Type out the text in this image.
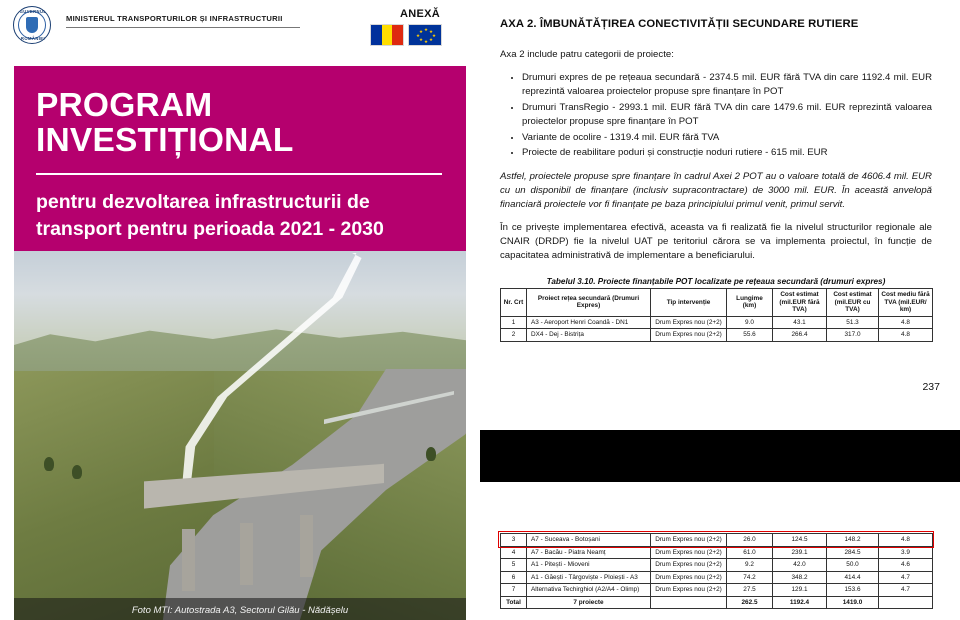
GUVERNUL
ROMÂNIEI
MINISTERUL TRANSPORTURILOR ȘI INFRASTRUCTURII	ANEXĂ
★ ★
★
★
★
★
★
★
PROGRAM INVESTIȚIONAL
pentru dezvoltarea infrastructurii de transport pentru perioada 2021 - 2030
Foto MTI: Autostrada A3, Sectorul Gilău - Nădășelu
AXA 2. ÎMBUNĂTĂȚIREA CONECTIVITĂȚII SECUNDARE RUTIERE

Axa 2 include patru categorii de proiecte:

• Drumuri expres de pe rețeaua secundară - 2374.5 mil. EUR fără TVA din care 1192.4 mil. EUR reprezintă valoarea proiectelor propuse spre finanțare în POT
• Drumuri TransRegio - 2993.1 mil. EUR fără TVA din care 1479.6 mil. EUR reprezintă valoarea proiectelor propuse spre finanțare în POT
• Variante de ocolire - 1319.4 mil. EUR fără TVA
• Proiecte de reabilitare poduri și construcție noduri rutiere - 615 mil. EUR

Astfel, proiectele propuse spre finanțare în cadrul Axei 2 POT au o valoare totală de 4606.4 mil. EUR cu un disponibil de finanțare (inclusiv supracontractare) de 3000 mil. EUR. În această anvelopă financiară proiectele vor fi finanțate pe baza principiului primul venit, primul servit.

În ce privește implementarea efectivă, aceasta va fi realizată fie la nivelul structurilor regionale ale CNAIR (DRDP) fie la nivelul UAT pe teritoriul cărora se va implementa proiectul, în funcție de capacitatea administrativă de implementare a beneficiarului.

Tabelul 3.10. Proiecte finanțabile POT localizate pe rețeaua secundară (drumuri expres)
Nr. Crt	Proiect rețea secundară (Drumuri Expres)	Tip intervenție	Lungime (km)	Cost estimat (mil.EUR fără TVA)	Cost estimat (mil.EUR cu TVA)	Cost mediu fără TVA (mil.EUR/ km)
1	A3 - Aeroport Henri Coandă - DN1	Drum Expres nou (2+2)	9.0	43.1	51.3	4.8
2	DX4 - Dej - Bistrița	Drum Expres nou (2+2)	55.6	266.4	317.0	4.8
237
3	A7 - Suceava - Botoșani	Drum Expres nou (2+2)	26.0	124.5	148.2	4.8
4	A7 - Bacău - Piatra Neamț	Drum Expres nou (2+2)	61.0	239.1	284.5	3.9
5	A1 - Pitești - Mioveni	Drum Expres nou (2+2)	9.2	42.0	50.0	4.6
6	A1 - Găești - Târgoviște - Ploiești - A3	Drum Expres nou (2+2)	74.2	348.2	414.4	4.7
7	Alternativa Techirghiol (A2/A4 - Olimp)	Drum Expres nou (2+2)	27.5	129.1	153.6	4.7
Total	7 proiecte		262.5	1192.4	1419.0	
